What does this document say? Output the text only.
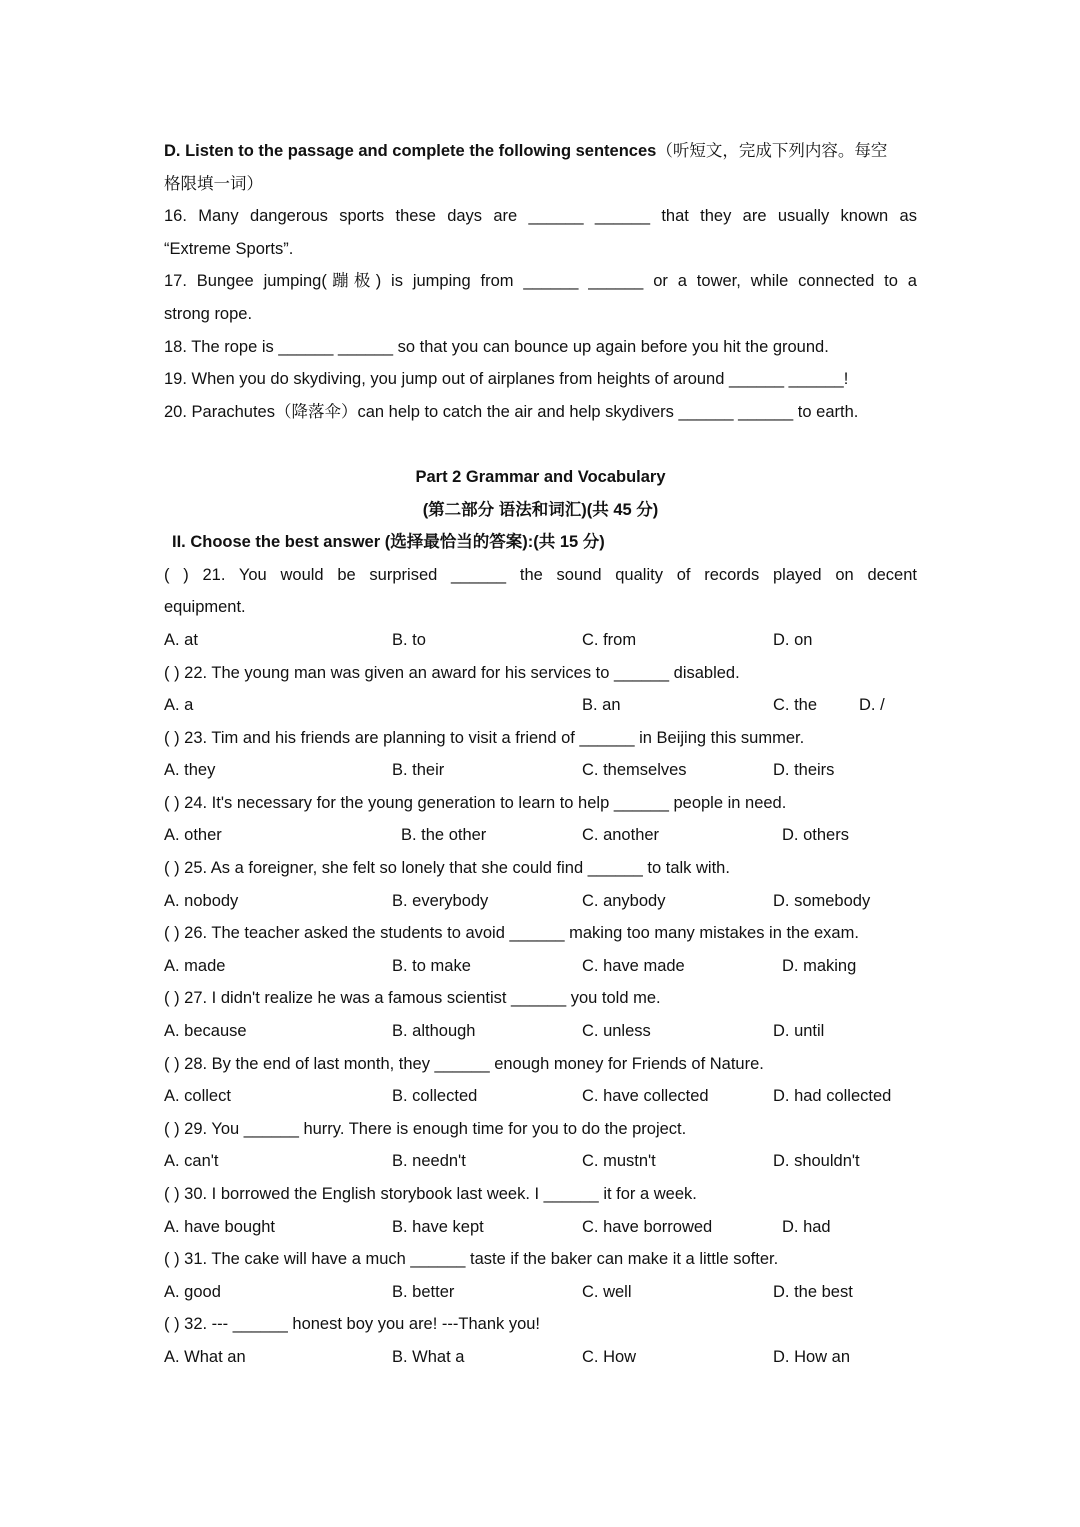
D. Listen to the passage and complete the following sentences（听短文，完成下列内容。每空
格限填一词）
16. Many dangerous sports these days are ______ ______ that they are usually known as
“Extreme Sports”.
17. Bungee jumping(蹦极) is jumping from ______ ______ or a tower, while connected to a
strong rope.
18. The rope is ______ ______ so that you can bounce up again before you hit the ground.
19. When you do skydiving, you jump out of airplanes from heights of around ______ ______!
20. Parachutes（降落伞）can help to catch the air and help skydivers ______ ______ to earth.
Part 2 Grammar and Vocabulary
(第二部分 语法和词汇)(共 45 分)
II. Choose the best answer (选择最恰当的答案):(共 15 分)
( ) 21. You would be surprised ______ the sound quality of records played on decent
equipment.
A. at	B. to	C. from	D. on
( ) 22. The young man was given an award for his services to ______ disabled.
A. a	B. an	C. the	D. /
( ) 23. Tim and his friends are planning to visit a friend of ______ in Beijing this summer.
A. they	B. their	C. themselves	D. theirs
( ) 24. It's necessary for the young generation to learn to help ______ people in need.
A. other	B. the other	C. another	D. others
( ) 25. As a foreigner, she felt so lonely that she could find ______ to talk with.
A. nobody	B. everybody	C. anybody	D. somebody
( ) 26. The teacher asked the students to avoid ______ making too many mistakes in the exam.
A. made	B. to make	C. have made	D. making
( ) 27. I didn't realize he was a famous scientist ______ you told me.
A. because	B. although	C. unless	D. until
( ) 28. By the end of last month, they ______ enough money for Friends of Nature.
A. collect	B. collected	C. have collected	D. had collected
( ) 29. You ______ hurry. There is enough time for you to do the project.
A. can't	B. needn't	C. mustn't	D. shouldn't
( ) 30. I borrowed the English storybook last week. I ______ it for a week.
A. have bought	B. have kept	C. have borrowed	D. had
( ) 31. The cake will have a much ______ taste if the baker can make it a little softer.
A. good	B. better	C. well	D. the best
( ) 32. --- ______ honest boy you are! ---Thank you!
A. What an	B. What a	C. How	D. How an
